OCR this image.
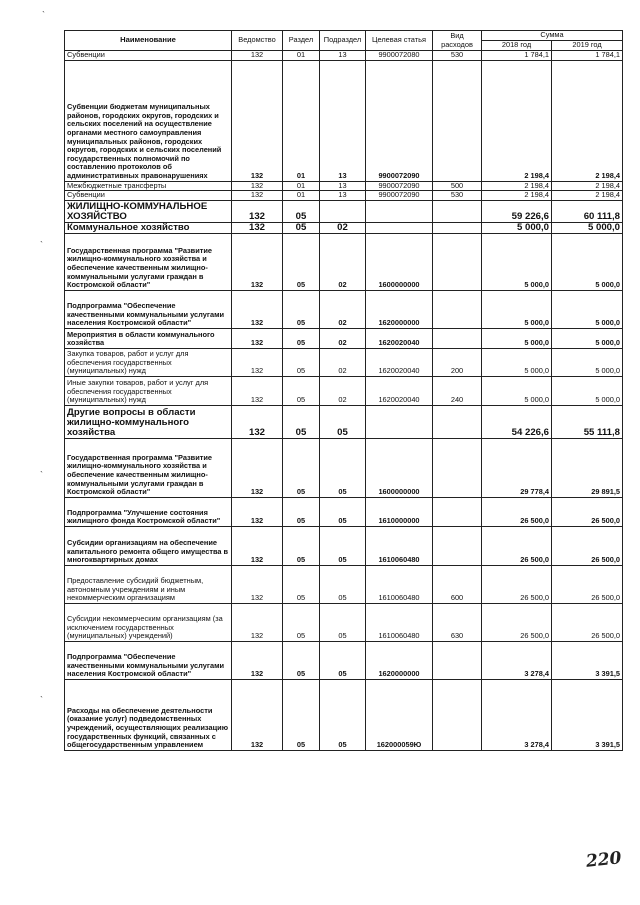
`
`
`
`
Наименование	Ведомство	Раздел	Подраздел	Целевая статья	Вид расходов	Сумма	
						2018 год	2019 год
Субвенции	132	01	13	9900072080	530	1 784,1	1 784,1
Субвенции бюджетам муниципальных районов, городских округов, городских и сельских поселений на осуществление органами местного самоуправления муниципальных районов, городских округов, городских и сельских поселений государственных полномочий по составлению протоколов об административных правонарушениях	132	01	13	9900072090		2 198,4	2 198,4
Межбюджетные трансферты	132	01	13	9900072090	500	2 198,4	2 198,4
Субвенции	132	01	13	9900072090	530	2 198,4	2 198,4
ЖИЛИЩНО-КОММУНАЛЬНОЕ ХОЗЯЙСТВО	132	05				59 226,6	60 111,8
Коммунальное хозяйство	132	05	02			5 000,0	5 000,0
Государственная программа "Развитие жилищно-коммунального хозяйства и обеспечение качественным жилищно-коммунальными услугами граждан в Костромской области"	132	05	02	1600000000		5 000,0	5 000,0
Подпрограмма "Обеспечение качественными коммунальными услугами населения Костромской области"	132	05	02	1620000000		5 000,0	5 000,0
Мероприятия в области коммунального хозяйства	132	05	02	1620020040		5 000,0	5 000,0
Закупка товаров, работ и услуг для обеспечения государственных (муниципальных) нужд	132	05	02	1620020040	200	5 000,0	5 000,0
Иные закупки товаров, работ и услуг для обеспечения государственных (муниципальных) нужд	132	05	02	1620020040	240	5 000,0	5 000,0
Другие вопросы в области жилищно-коммунального хозяйства	132	05	05			54 226,6	55 111,8
Государственная программа "Развитие жилищно-коммунального хозяйства и обеспечение качественным жилищно-коммунальными услугами граждан в Костромской области"	132	05	05	1600000000		29 778,4	29 891,5
Подпрограмма "Улучшение состояния жилищного фонда Костромской области"	132	05	05	1610000000		26 500,0	26 500,0
Субсидии организациям на обеспечение капитального ремонта общего имущества в многоквартирных домах	132	05	05	1610060480		26 500,0	26 500,0
Предоставление субсидий бюджетным, автономным учреждениям и иным некоммерческим организациям	132	05	05	1610060480	600	26 500,0	26 500,0
Субсидии некоммерческим организациям (за исключением государственных (муниципальных) учреждений)	132	05	05	1610060480	630	26 500,0	26 500,0
Подпрограмма "Обеспечение качественными коммунальными услугами населения Костромской области"	132	05	05	1620000000		3 278,4	3 391,5
Расходы на обеспечение деятельности (оказание услуг) подведомственных учреждений, осуществляющих реализацию государственных функций, связанных с общегосударственным управлением	132	05	05	162000059Ю		3 278,4	3 391,5
220
